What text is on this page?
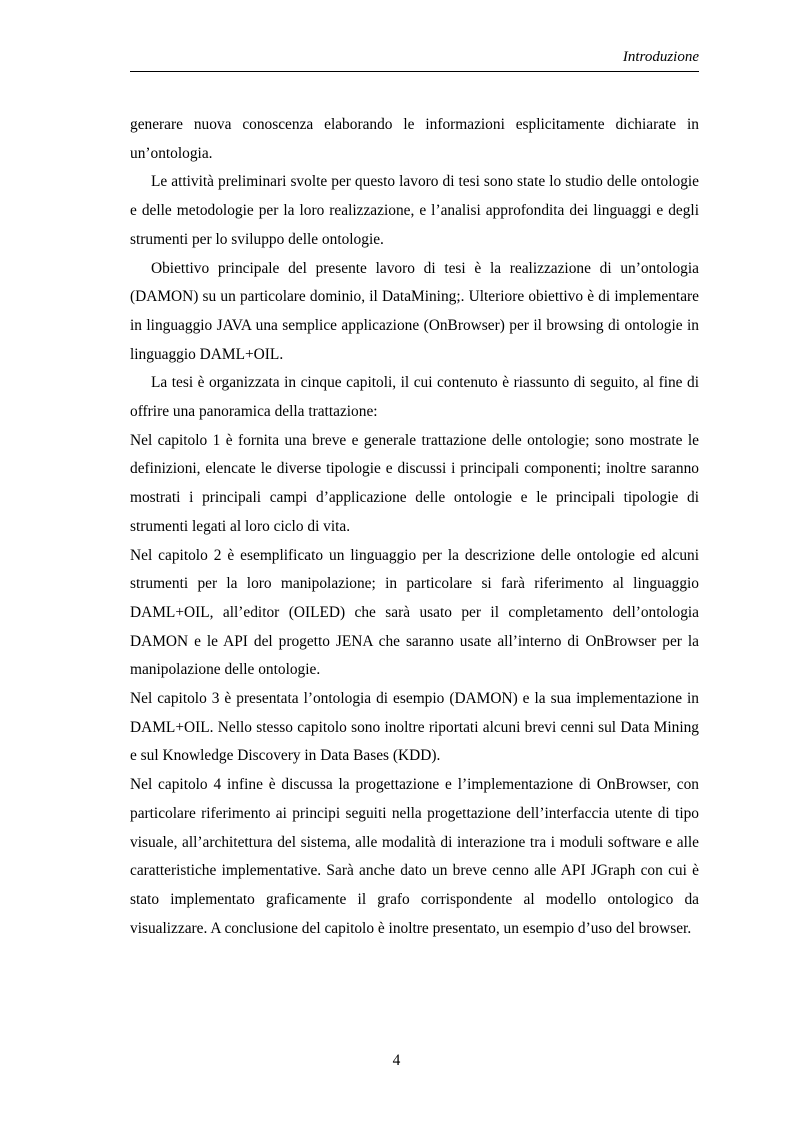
Introduzione

generare nuova conoscenza elaborando le informazioni esplicitamente dichiarate in un’ontologia.

Le attività preliminari svolte per questo lavoro di tesi sono state lo studio delle ontologie e delle metodologie per la loro realizzazione, e l’analisi approfondita dei linguaggi e degli strumenti per lo sviluppo delle ontologie.

Obiettivo principale del presente lavoro di tesi è la realizzazione di un’ontologia (DAMON) su un particolare dominio, il DataMining;. Ulteriore obiettivo è di implementare in linguaggio JAVA una semplice applicazione (OnBrowser) per il browsing di ontologie in linguaggio DAML+OIL.

La tesi è organizzata in cinque capitoli, il cui contenuto è riassunto di seguito, al fine di offrire una panoramica della trattazione:

Nel capitolo 1 è fornita una breve e generale trattazione delle ontologie; sono mostrate le definizioni, elencate le diverse tipologie e discussi i principali componenti; inoltre saranno mostrati i principali campi d’applicazione delle ontologie e le principali tipologie di strumenti legati al loro ciclo di vita.

Nel capitolo 2 è esemplificato un linguaggio per la descrizione delle ontologie ed alcuni strumenti per la loro manipolazione; in particolare si farà riferimento al linguaggio DAML+OIL, all’editor (OILED) che sarà usato per il completamento dell’ontologia DAMON e le API del progetto JENA che saranno usate all’interno di OnBrowser per la manipolazione delle ontologie.

Nel capitolo 3 è presentata l’ontologia di esempio (DAMON) e la sua implementazione in DAML+OIL. Nello stesso capitolo sono inoltre riportati alcuni brevi cenni sul Data Mining e sul Knowledge Discovery in Data Bases (KDD).

Nel capitolo 4 infine è discussa la progettazione e l’implementazione di OnBrowser, con particolare riferimento ai principi seguiti nella progettazione dell’interfaccia utente di tipo visuale, all’architettura del sistema, alle modalità di interazione tra i moduli software e alle caratteristiche implementative. Sarà anche dato un breve cenno alle API JGraph con cui è stato implementato graficamente il grafo corrispondente al modello ontologico da visualizzare. A conclusione del capitolo è inoltre presentato, un esempio d’uso del browser.

4
